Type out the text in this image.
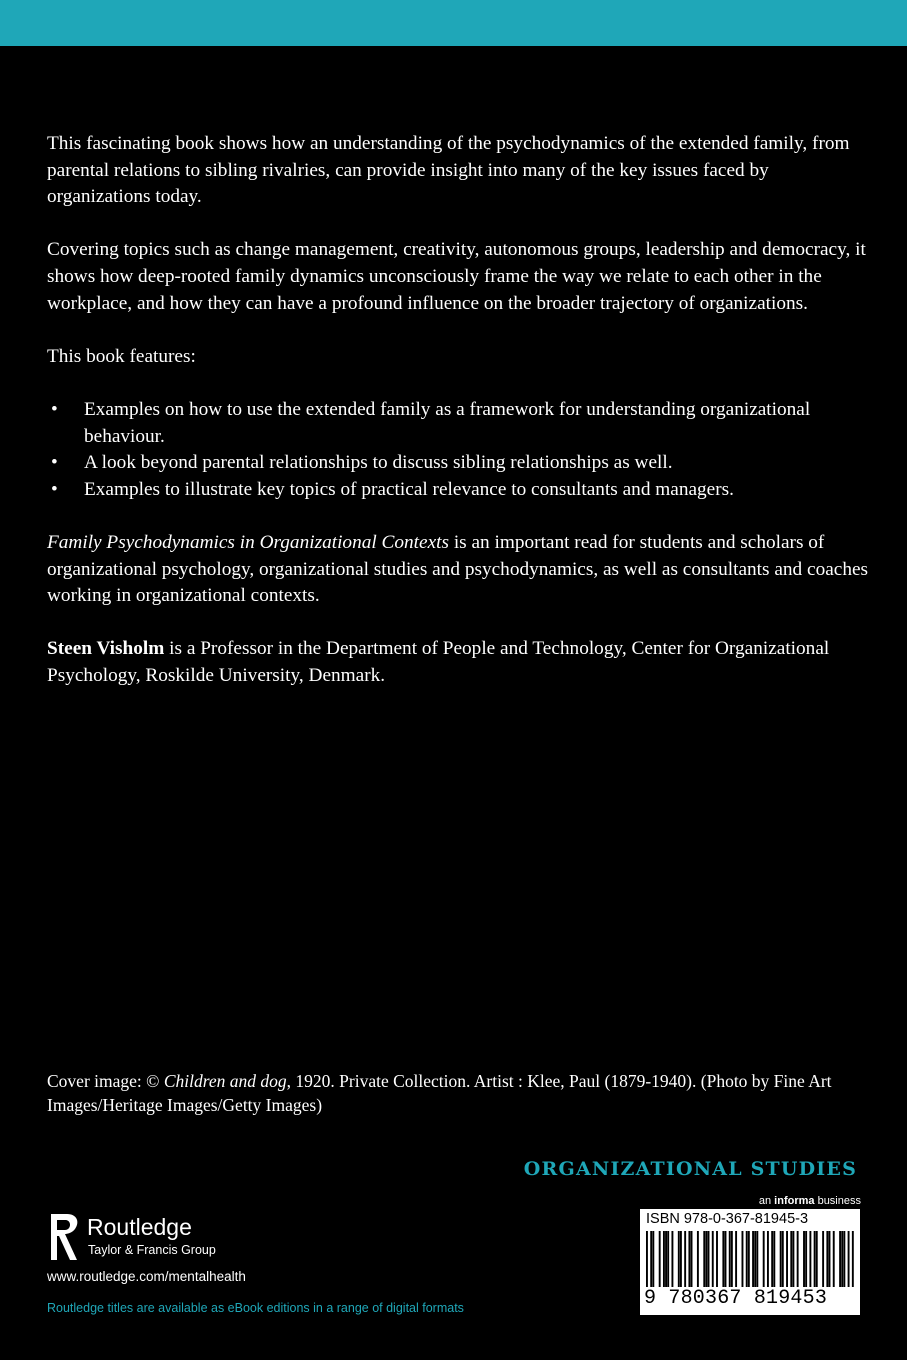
This fascinating book shows how an understanding of the psychodynamics of the extended family, from parental relations to sibling rivalries, can provide insight into many of the key issues faced by organizations today.

Covering topics such as change management, creativity, autonomous groups, leadership and democracy, it shows how deep-rooted family dynamics unconsciously frame the way we relate to each other in the workplace, and how they can have a profound influence on the broader trajectory of organizations.

This book features:

• Examples on how to use the extended family as a framework for understanding organizational behaviour.
• A look beyond parental relationships to discuss sibling relationships as well.
• Examples to illustrate key topics of practical relevance to consultants and managers.

Family Psychodynamics in Organizational Contexts is an important read for students and scholars of organizational psychology, organizational studies and psychodynamics, as well as consultants and coaches working in organizational contexts.

Steen Visholm is a Professor in the Department of People and Technology, Center for Organizational Psychology, Roskilde University, Denmark.

Cover image: © Children and dog, 1920. Private Collection. Artist : Klee, Paul (1879-1940). (Photo by Fine Art Images/Heritage Images/Getty Images)
ORGANIZATIONAL STUDIES
an informa business
ISBN 978-0-367-81945-3
9 780367 819453
Routledge
Taylor & Francis Group
www.routledge.com/mentalhealth
Routledge titles are available as eBook editions in a range of digital formats
